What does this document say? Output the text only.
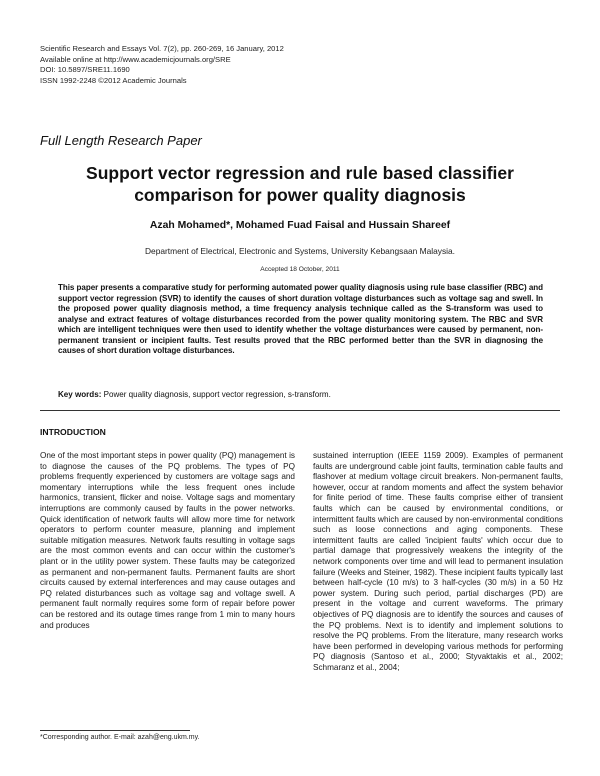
Scientific Research and Essays Vol. 7(2), pp. 260-269, 16 January, 2012
Available online at http://www.academicjournals.org/SRE
DOI: 10.5897/SRE11.1690
ISSN 1992-2248 ©2012 Academic Journals
Full Length Research Paper
Support vector regression and rule based classifier
comparison for power quality diagnosis
Azah Mohamed*, Mohamed Fuad Faisal and Hussain Shareef
Department of Electrical, Electronic and Systems, University Kebangsaan Malaysia.
Accepted 18 October, 2011
This paper presents a comparative study for performing automated power quality diagnosis using rule base classifier (RBC) and support vector regression (SVR) to identify the causes of short duration voltage disturbances such as voltage sag and swell. In the proposed power quality diagnosis method, a time frequency analysis technique called as the S-transform was used to analyse and extract features of voltage disturbances recorded from the power quality monitoring system. The RBC and SVR which are intelligent techniques were then used to identify whether the voltage disturbances were caused by permanent, non-permanent transient or incipient faults. Test results proved that the RBC performed better than the SVR in diagnosing the causes of short duration voltage disturbances.
Key words: Power quality diagnosis, support vector regression, s-transform.
INTRODUCTION

One of the most important steps in power quality (PQ) management is to diagnose the causes of the PQ problems. The types of PQ problems frequently experienced by customers are voltage sags and momentary interruptions while the less frequent ones include harmonics, transient, flicker and noise. Voltage sags and momentary interruptions are commonly caused by faults in the power networks. Quick identification of network faults will allow more time for network operators to perform counter measure, planning and implement suitable mitigation measures. Network faults resulting in voltage sags are the most common events and can occur within the customer's plant or in the utility power system. These faults may be categorized as permanent and non-permanent faults. Permanent faults are short circuits caused by external interferences and may cause outages and PQ related disturbances such as voltage sag and voltage swell. A permanent fault normally requires some form of repair before power can be restored and its outage times range from 1 min to many hours and produces

sustained interruption (IEEE 1159 2009). Examples of permanent faults are underground cable joint faults, termination cable faults and flashover at medium voltage circuit breakers. Non-permanent faults, however, occur at random moments and affect the system behavior for finite period of time. These faults comprise either of transient faults which can be caused by environmental conditions, or intermittent faults which are caused by non-environmental conditions such as loose connections and aging components. These intermittent faults are called 'incipient faults' which occur due to partial damage that progressively weakens the integrity of the network components over time and will lead to permanent insulation failure (Weeks and Steiner, 1982). These incipient faults typically last between half-cycle (10 m/s) to 3 half-cycles (30 m/s) in a 50 Hz power system. During such period, partial discharges (PD) are present in the voltage and current waveforms. The primary objectives of PQ diagnosis are to identify the sources and causes of the PQ problems. Next is to identify and implement solutions to resolve the PQ problems. From the literature, many research works have been performed in developing various methods for performing PQ diagnosis (Santoso et al., 2000; Styvaktakis et al., 2002; Schmaranz et al., 2004;

*Corresponding author. E-mail: azah@eng.ukm.my.
